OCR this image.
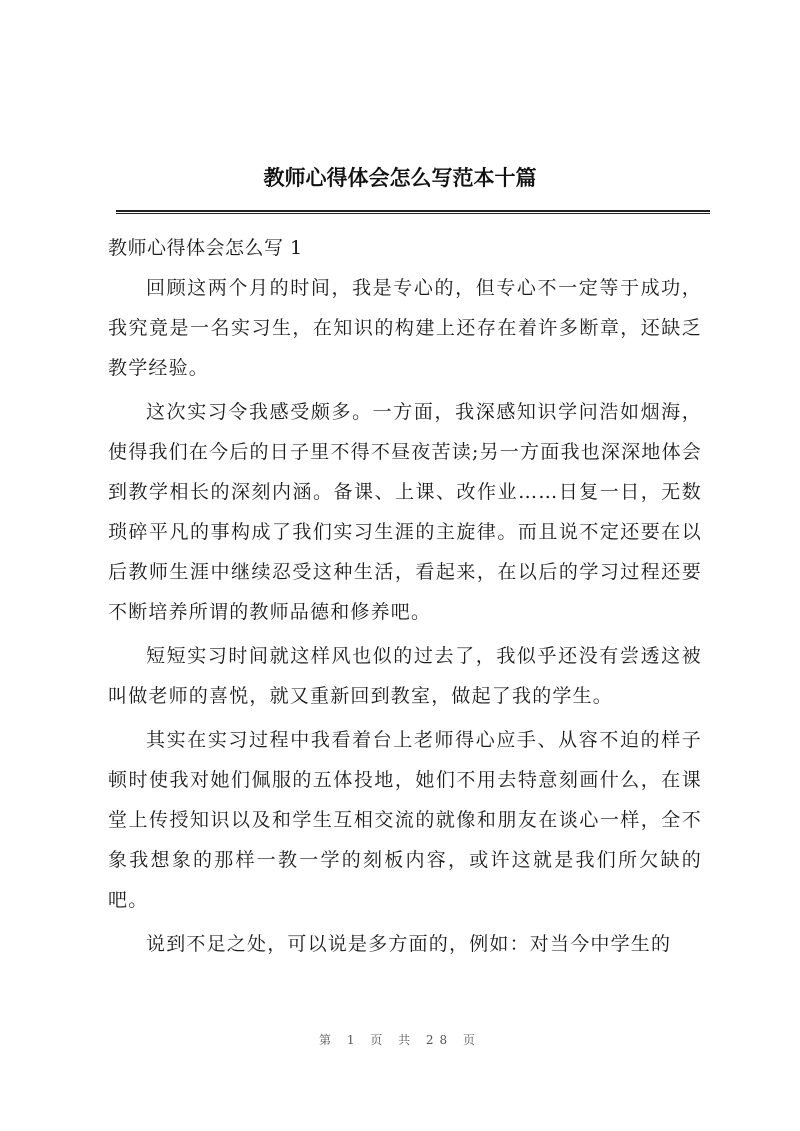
教师心得体会怎么写范本十篇

教师心得体会怎么写 1

回顾这两个月的时间，我是专心的，但专心不一定等于成功，我究竟是一名实习生，在知识的构建上还存在着许多断章，还缺乏教学经验。

这次实习令我感受颇多。一方面，我深感知识学问浩如烟海，使得我们在今后的日子里不得不昼夜苦读;另一方面我也深深地体会到教学相长的深刻内涵。备课、上课、改作业……日复一日，无数琐碎平凡的事构成了我们实习生涯的主旋律。而且说不定还要在以后教师生涯中继续忍受这种生活，看起来，在以后的学习过程还要不断培养所谓的教师品德和修养吧。

短短实习时间就这样风也似的过去了，我似乎还没有尝透这被叫做老师的喜悦，就又重新回到教室，做起了我的学生。

其实在实习过程中我看着台上老师得心应手、从容不迫的样子顿时使我对她们佩服的五体投地，她们不用去特意刻画什么，在课堂上传授知识以及和学生互相交流的就像和朋友在谈心一样，全不象我想象的那样一教一学的刻板内容，或许这就是我们所欠缺的吧。

说到不足之处，可以说是多方面的，例如：对当今中学生的

第 1 页 共 28 页
